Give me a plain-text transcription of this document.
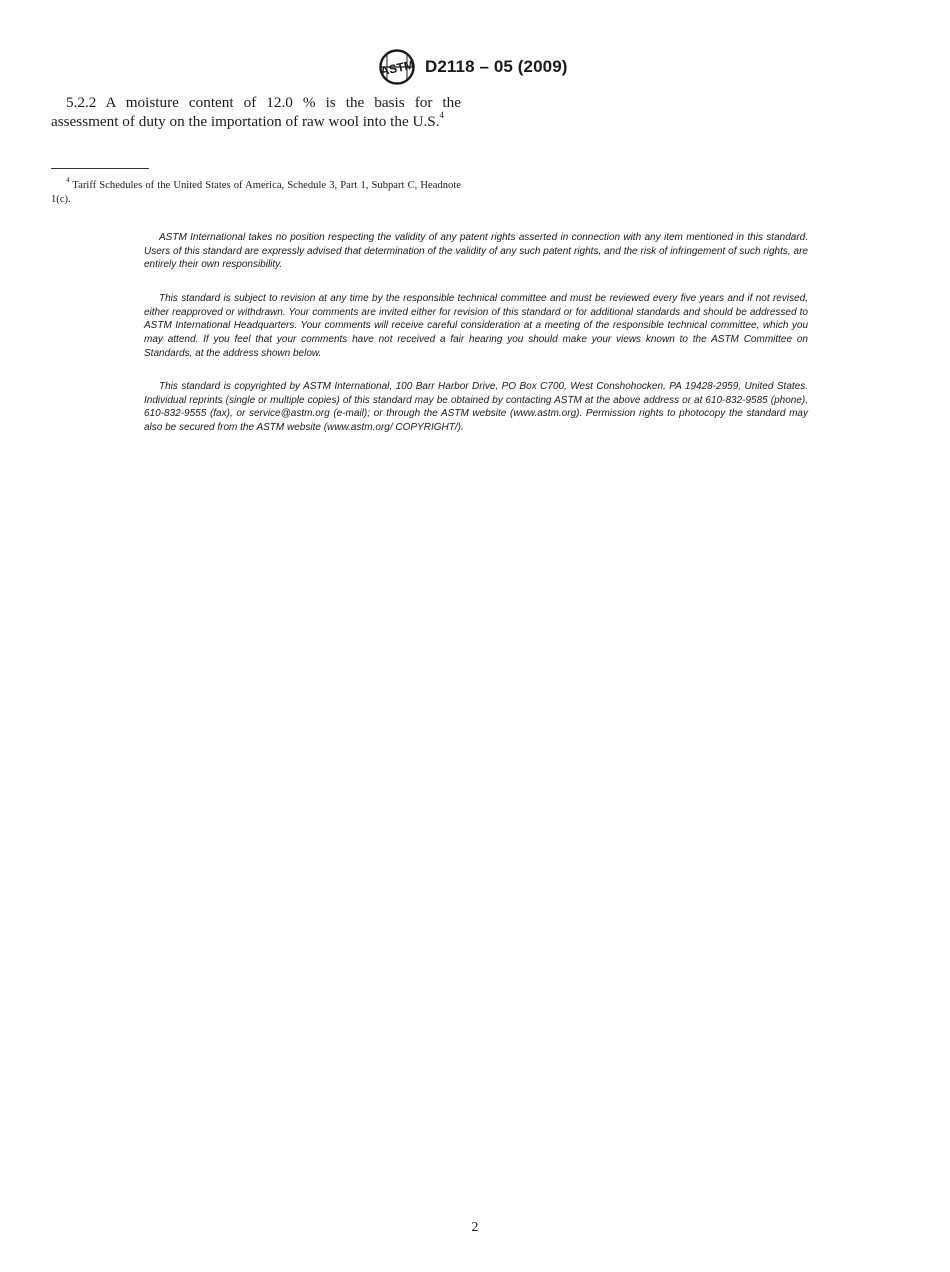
ASTM D2118 – 05 (2009)

5.2.2 A moisture content of 12.0 % is the basis for the assessment of duty on the importation of raw wool into the U.S.$^4$

$^4$ Tariff Schedules of the United States of America, Schedule 3, Part 1, Subpart C, Headnote 1(c).

ASTM International takes no position respecting the validity of any patent rights asserted in connection with any item mentioned in this standard. Users of this standard are expressly advised that determination of the validity of any such patent rights, and the risk of infringement of such rights, are entirely their own responsibility.

This standard is subject to revision at any time by the responsible technical committee and must be reviewed every five years and if not revised, either reapproved or withdrawn. Your comments are invited either for revision of this standard or for additional standards and should be addressed to ASTM International Headquarters. Your comments will receive careful consideration at a meeting of the responsible technical committee, which you may attend. If you feel that your comments have not received a fair hearing you should make your views known to the ASTM Committee on Standards, at the address shown below.

This standard is copyrighted by ASTM International, 100 Barr Harbor Drive, PO Box C700, West Conshohocken, PA 19428-2959, United States. Individual reprints (single or multiple copies) of this standard may be obtained by contacting ASTM at the above address or at 610-832-9585 (phone), 610-832-9555 (fax), or service@astm.org (e-mail); or through the ASTM website (www.astm.org). Permission rights to photocopy the standard may also be secured from the ASTM website (www.astm.org/ COPYRIGHT/).

2
